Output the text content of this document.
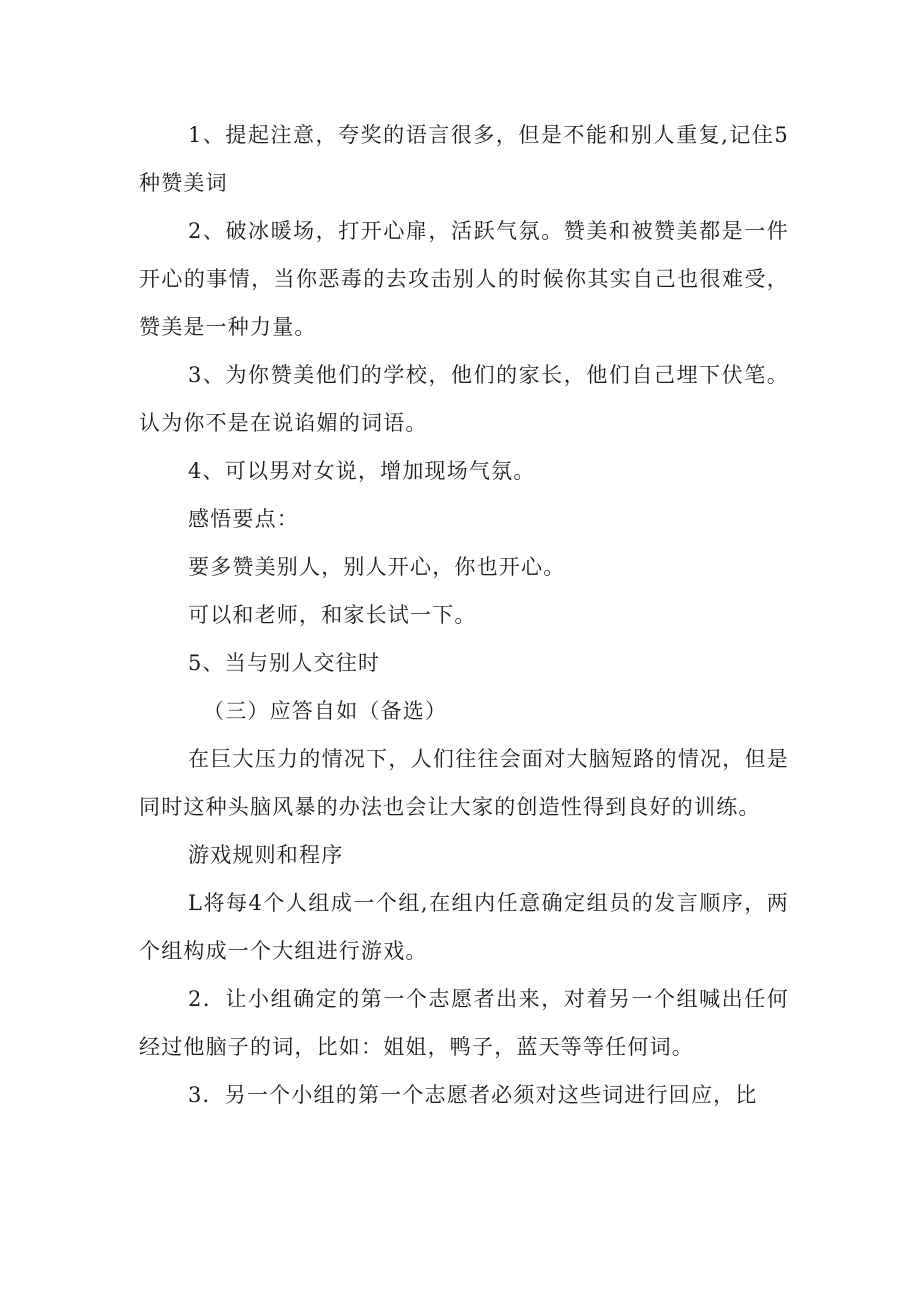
1、提起注意，夸奖的语言很多，但是不能和别人重复,记住5种赞美词

2、破冰暖场，打开心扉，活跃气氛。赞美和被赞美都是一件开心的事情，当你恶毒的去攻击别人的时候你其实自己也很难受，赞美是一种力量。

3、为你赞美他们的学校，他们的家长，他们自己埋下伏笔。认为你不是在说谄媚的词语。

4、可以男对女说，增加现场气氛。

感悟要点：

要多赞美别人，别人开心，你也开心。

可以和老师，和家长试一下。

5、当与别人交往时

（三）应答自如（备选）

在巨大压力的情况下，人们往往会面对大脑短路的情况，但是同时这种头脑风暴的办法也会让大家的创造性得到良好的训练。

游戏规则和程序

L将每4个人组成一个组,在组内任意确定组员的发言顺序，两个组构成一个大组进行游戏。

2．让小组确定的第一个志愿者出来，对着另一个组喊出任何经过他脑子的词，比如：姐姐，鸭子，蓝天等等任何词。

3．另一个小组的第一个志愿者必须对这些词进行回应，比
